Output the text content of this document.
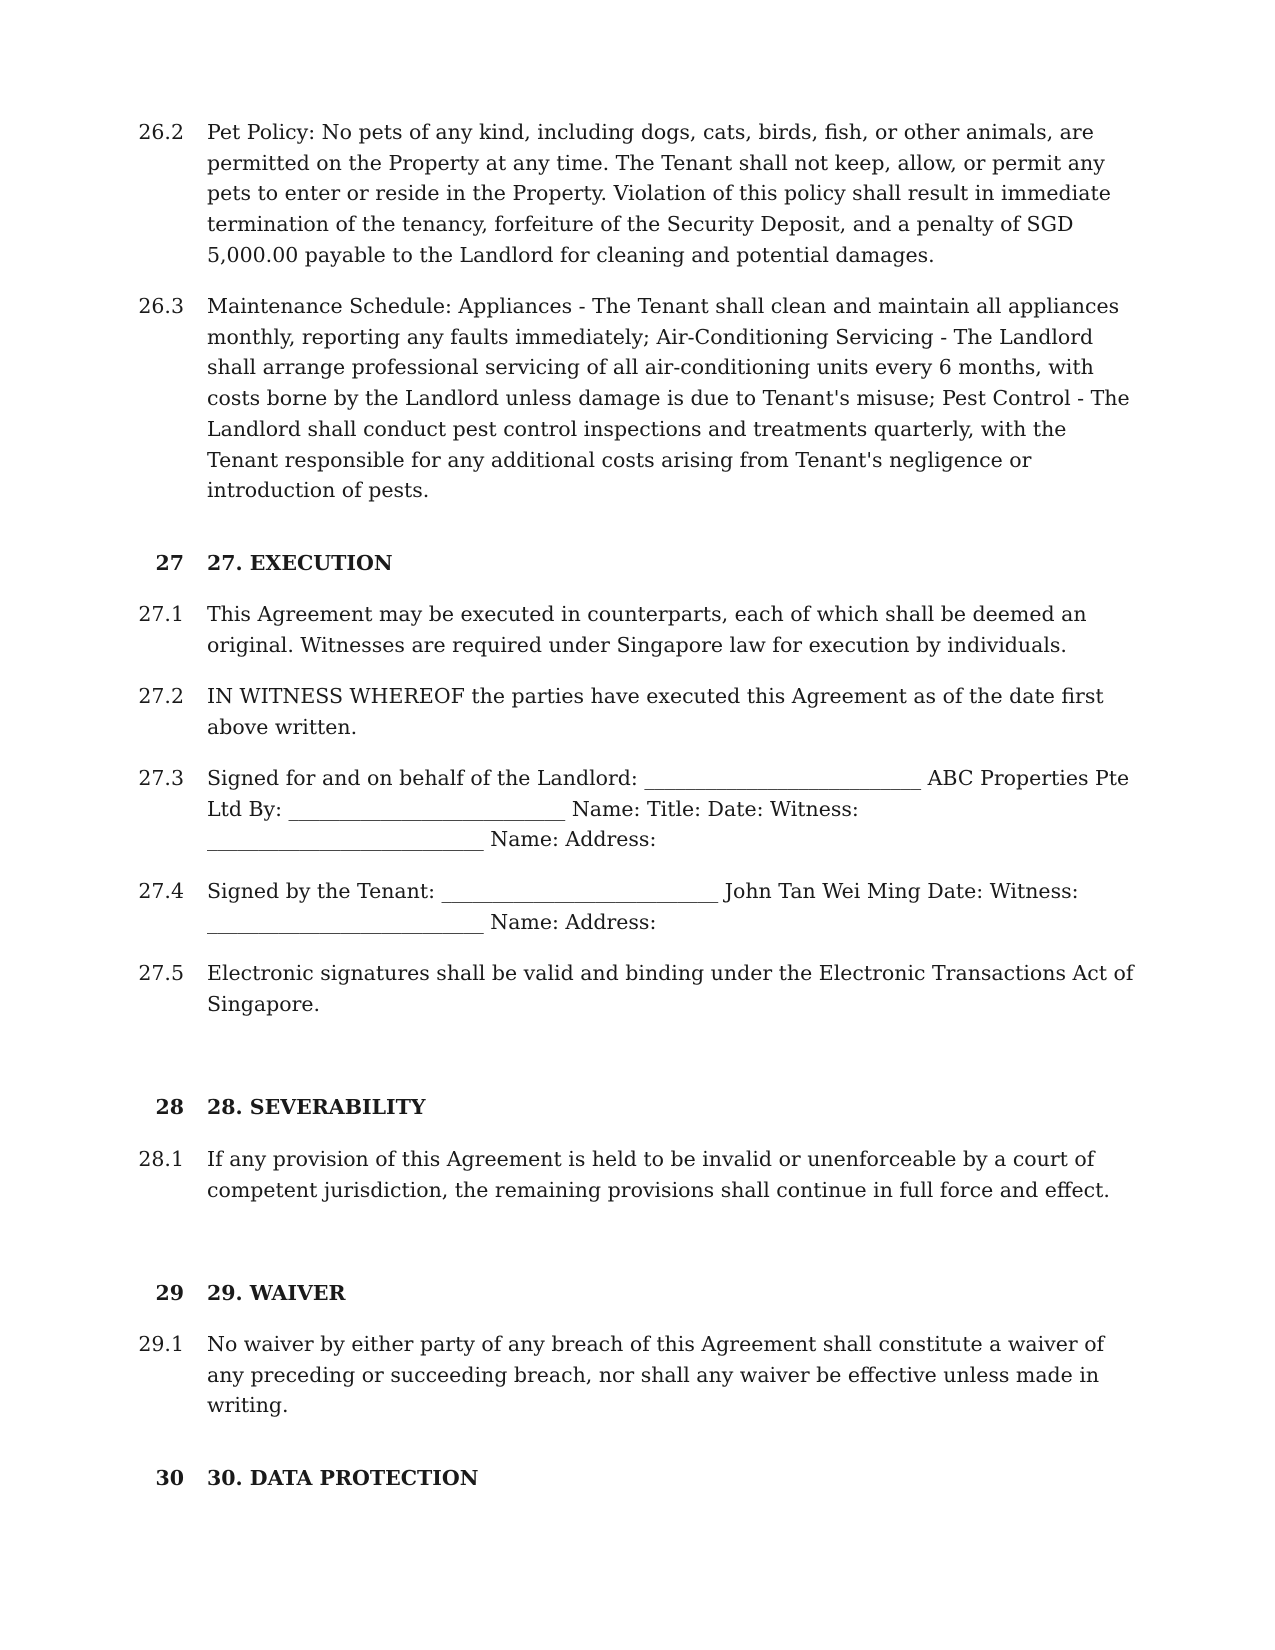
26.2 Pet Policy: No pets of any kind, including dogs, cats, birds, fish, or other animals, are permitted on the Property at any time. The Tenant shall not keep, allow, or permit any pets to enter or reside in the Property. Violation of this policy shall result in immediate termination of the tenancy, forfeiture of the Security Deposit, and a penalty of SGD 5,000.00 payable to the Landlord for cleaning and potential damages.
26.3 Maintenance Schedule: Appliances - The Tenant shall clean and maintain all appliances monthly, reporting any faults immediately; Air-Conditioning Servicing - The Landlord shall arrange professional servicing of all air-conditioning units every 6 months, with costs borne by the Landlord unless damage is due to Tenant's misuse; Pest Control - The Landlord shall conduct pest control inspections and treatments quarterly, with the Tenant responsible for any additional costs arising from Tenant's negligence or introduction of pests.
27 27. EXECUTION
27.1 This Agreement may be executed in counterparts, each of which shall be deemed an original. Witnesses are required under Singapore law for execution by individuals.
27.2 IN WITNESS WHEREOF the parties have executed this Agreement as of the date first above written.
27.3 Signed for and on behalf of the Landlord: ___________________________ ABC Properties Pte Ltd By: ___________________________ Name: Title: Date: Witness: ___________________________ Name: Address:
27.4 Signed by the Tenant: ___________________________ John Tan Wei Ming Date: Witness: ___________________________ Name: Address:
27.5 Electronic signatures shall be valid and binding under the Electronic Transactions Act of Singapore.
28 28. SEVERABILITY
28.1 If any provision of this Agreement is held to be invalid or unenforceable by a court of competent jurisdiction, the remaining provisions shall continue in full force and effect.
29 29. WAIVER
29.1 No waiver by either party of any breach of this Agreement shall constitute a waiver of any preceding or succeeding breach, nor shall any waiver be effective unless made in writing.
30 30. DATA PROTECTION
